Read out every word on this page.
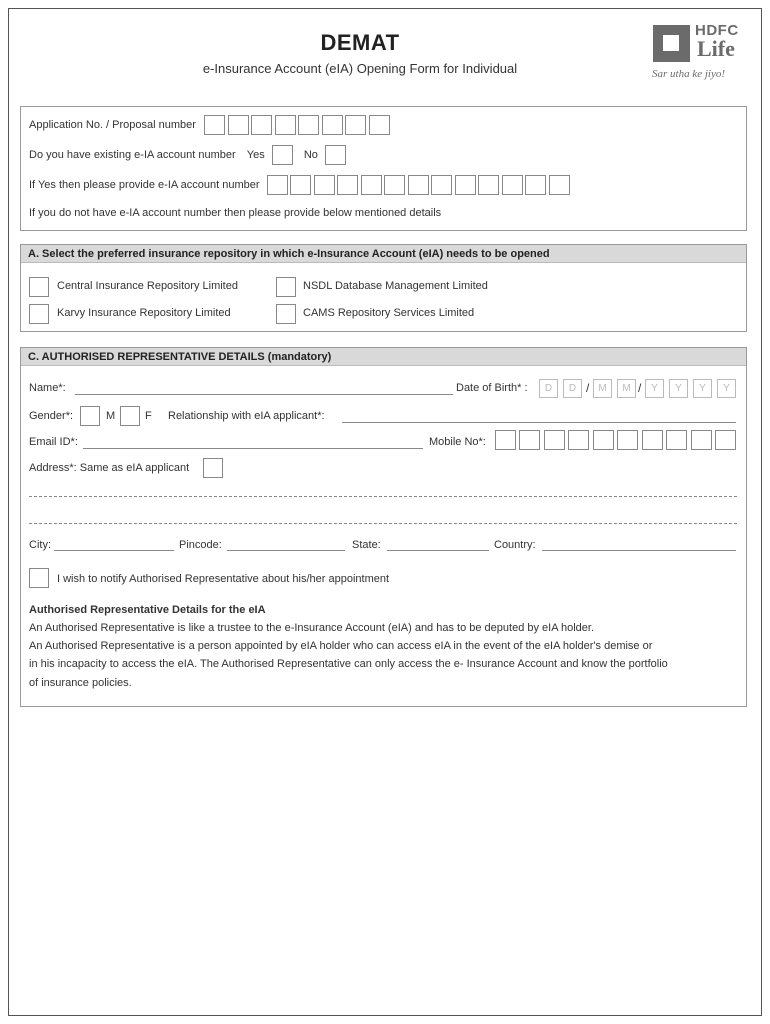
DEMAT
e-Insurance Account (eIA) Opening Form for Individual
HDFC
Life
Sar utha ke jiyo!
Application No. / Proposal number
Do you have existing e-IA account number Yes	No
If Yes then please provide e-IA account number
If you do not have e-IA account number then please provide below mentioned details
A. Select the preferred insurance repository in which e-Insurance Account (eIA) needs to be opened
Central Insurance Repository Limited	NSDL Database Management Limited
Karvy Insurance Repository Limited	CAMS Repository Services Limited
C. AUTHORISED REPRESENTATIVE DETAILS (mandatory)
Name*:	Date of Birth* :	D	D / M	M / Y	Y	Y	Y
Gender*:	M	F Relationship with eIA applicant*:
Email ID*:	Mobile No*:
Address*: Same as eIA applicant
City:	Pincode:	State:	Country:
I wish to notify Authorised Representative about his/her appointment
Authorised Representative Details for the eIA
An Authorised Representative is like a trustee to the e-Insurance Account (eIA) and has to be deputed by eIA holder.
An Authorised Representative is a person appointed by eIA holder who can access eIA in the event of the eIA holder's demise or
in his incapacity to access the eIA. The Authorised Representative can only access the e- Insurance Account and know the portfolio
of insurance policies.
